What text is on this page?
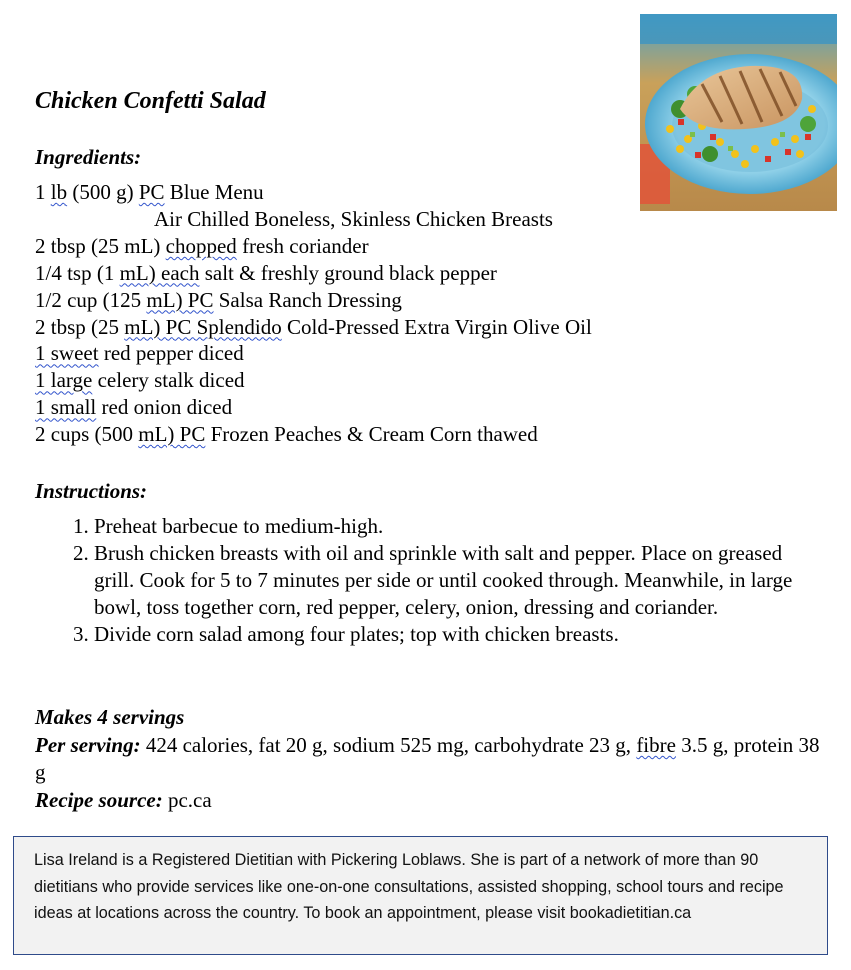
Chicken Confetti Salad
Ingredients:
1 lb (500 g) PC Blue Menu
Air Chilled Boneless, Skinless Chicken Breasts
2 tbsp (25 mL) chopped fresh coriander
1/4 tsp (1 mL) each salt & freshly ground black pepper
1/2 cup (125 mL) PC Salsa Ranch Dressing
2 tbsp (25 mL) PC Splendido Cold-Pressed Extra Virgin Olive Oil
1 sweet red pepper diced
1 large celery stalk diced
1 small red onion diced
2 cups (500 mL) PC Frozen Peaches & Cream Corn thawed
Instructions:
1. Preheat barbecue to medium-high.
2. Brush chicken breasts with oil and sprinkle with salt and pepper. Place on greased grill. Cook for 5 to 7 minutes per side or until cooked through. Meanwhile, in large bowl, toss together corn, red pepper, celery, onion, dressing and coriander.
3. Divide corn salad among four plates; top with chicken breasts.
Makes 4 servings

Per serving: 424 calories, fat 20 g, sodium 525 mg, carbohydrate 23 g, fibre 3.5 g, protein 38 g

Recipe source: pc.ca

Lisa Ireland is a Registered Dietitian with Pickering Loblaws. She is part of a network of more than 90 dietitians who provide services like one-on-one consultations, assisted shopping, school tours and recipe ideas at locations across the country. To book an appointment, please visit bookadietitian.ca
